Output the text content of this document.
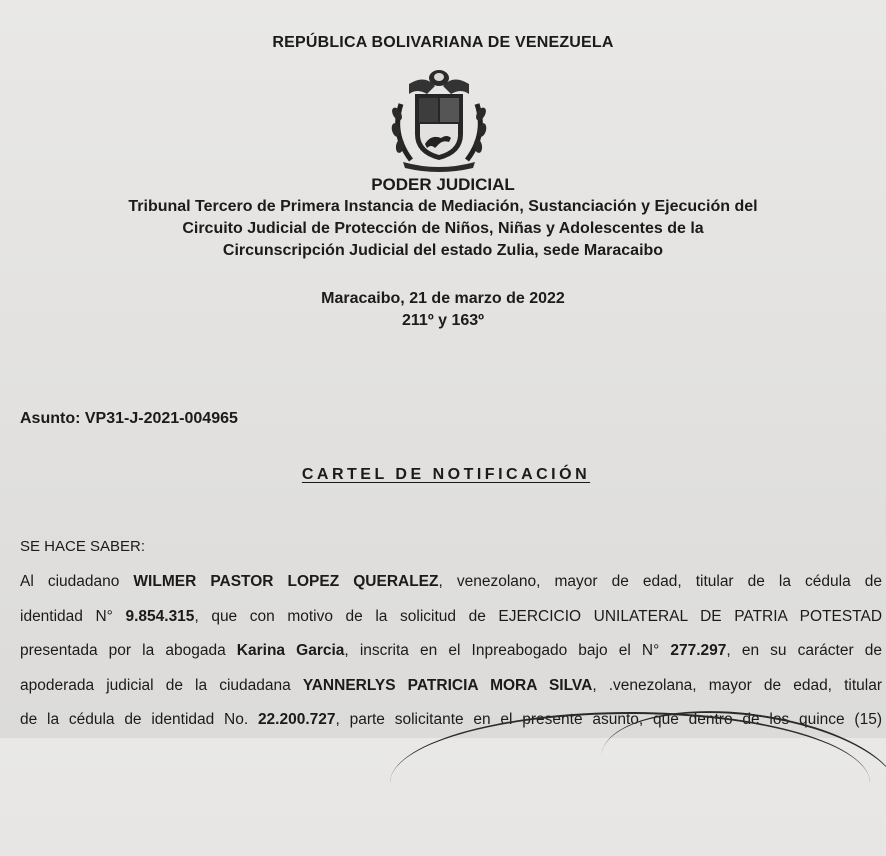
REPÚBLICA BOLIVARIANA DE VENEZUELA
PODER JUDICIAL
Tribunal Tercero de Primera Instancia de Mediación, Sustanciación y Ejecución del
Circuito Judicial de Protección de Niños, Niñas y Adolescentes de la
Circunscripción Judicial del estado Zulia, sede Maracaibo
Maracaibo, 21 de marzo de 2022
211º y 163º
Asunto: VP31-J-2021-004965
CARTEL DE NOTIFICACIÓN
SE HACE SABER:
Al ciudadano WILMER PASTOR LOPEZ QUERALEZ, venezolano, mayor de edad, titular de la cédula de
identidad N° 9.854.315, que con motivo de la solicitud de EJERCICIO UNILATERAL DE PATRIA POTESTAD
presentada por la abogada Karina Garcia, inscrita en el Inpreabogado bajo el N° 277.297, en su carácter de
apoderada judicial de la ciudadana YANNERLYS PATRICIA MORA SILVA, .venezolana, mayor de edad, titular
de la cédula de identidad No. 22.200.727, parte solicitante en el presente asunto, que dentro de los quince (15)
